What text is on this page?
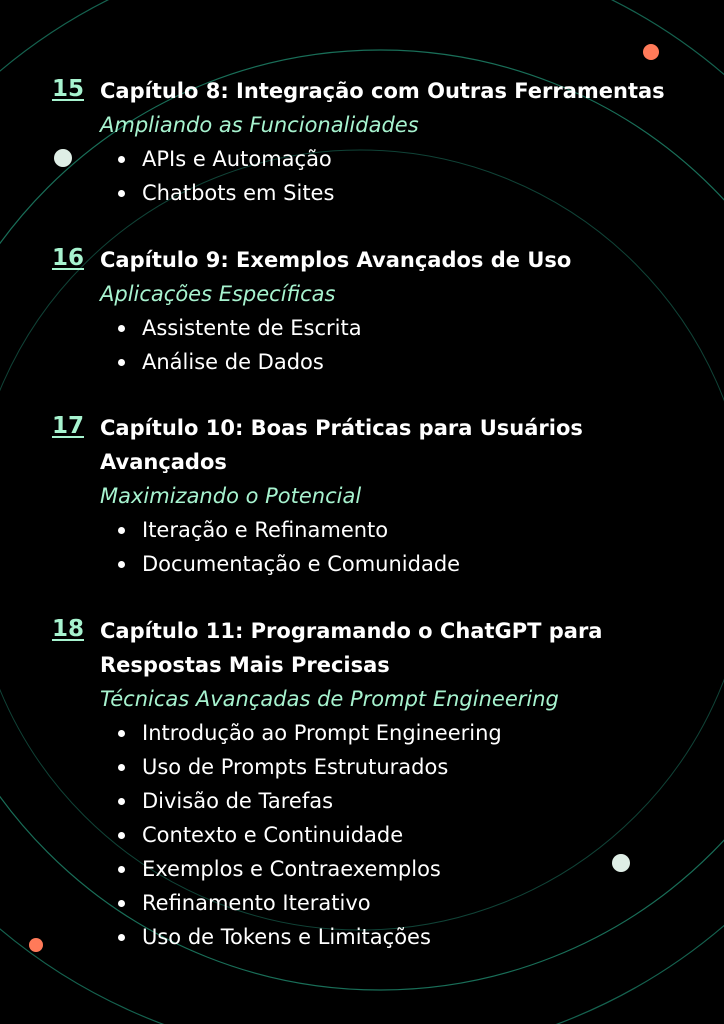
15 Capítulo 8: Integração com Outras Ferramentas
Ampliando as Funcionalidades
APIs e Automação
Chatbots em Sites
16 Capítulo 9: Exemplos Avançados de Uso
Aplicações Específicas
Assistente de Escrita
Análise de Dados
17 Capítulo 10: Boas Práticas para Usuários Avançados
Maximizando o Potencial
Iteração e Refinamento
Documentação e Comunidade
18 Capítulo 11: Programando o ChatGPT para Respostas Mais Precisas
Técnicas Avançadas de Prompt Engineering
Introdução ao Prompt Engineering
Uso de Prompts Estruturados
Divisão de Tarefas
Contexto e Continuidade
Exemplos e Contraexemplos
Refinamento Iterativo
Uso de Tokens e Limitações
